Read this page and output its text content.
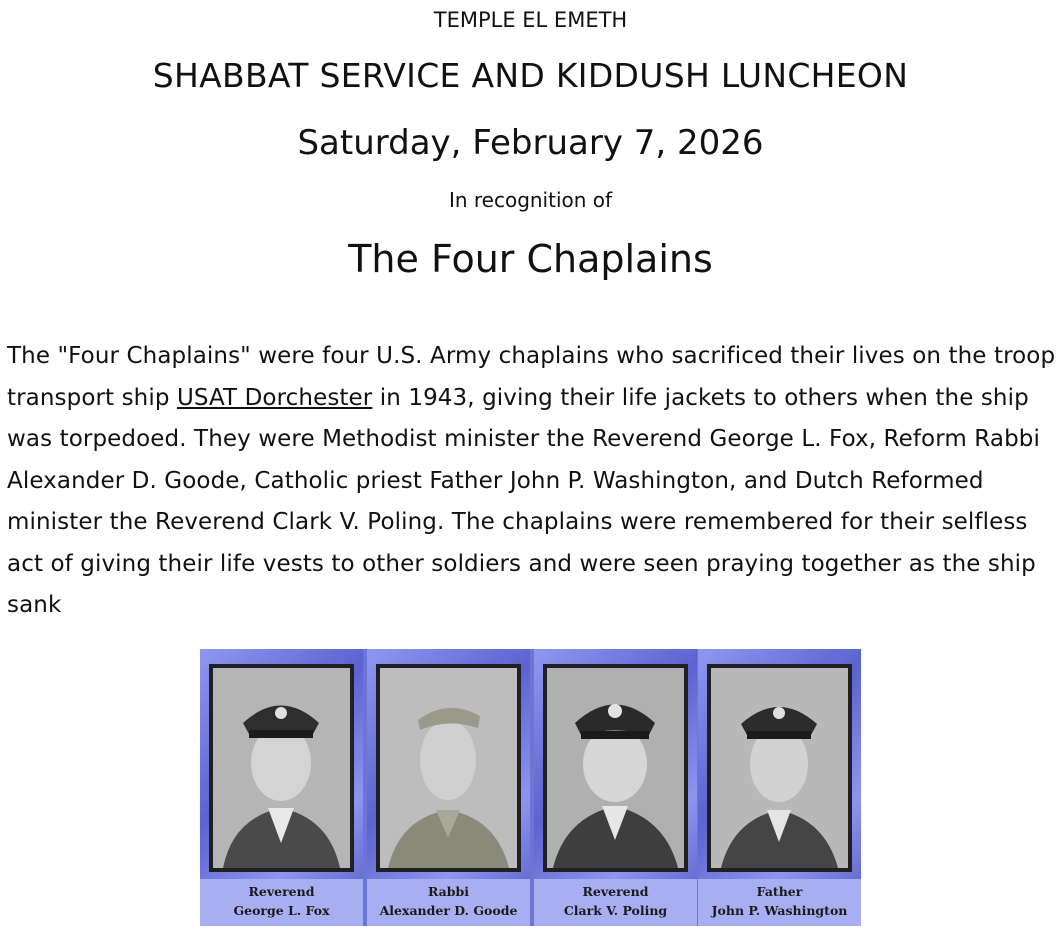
TEMPLE EL EMETH
SHABBAT SERVICE AND KIDDUSH LUNCHEON
Saturday, February 7, 2026
In recognition of
The Four Chaplains

The "Four Chaplains" were four U.S. Army chaplains who sacrificed their lives on the troop transport ship USAT Dorchester in 1943, giving their life jackets to others when the ship was torpedoed. They were Methodist minister the Reverend George L. Fox, Reform Rabbi Alexander D. Goode, Catholic priest Father John P. Washington, and Dutch Reformed minister the Reverend Clark V. Poling. The chaplains were remembered for their selfless act of giving their life vests to other soldiers and were seen praying together as the ship sank

Reverend
George L. Fox
Rabbi
Alexander D. Goode
Reverend
Clark V. Poling
Father
John P. Washington
